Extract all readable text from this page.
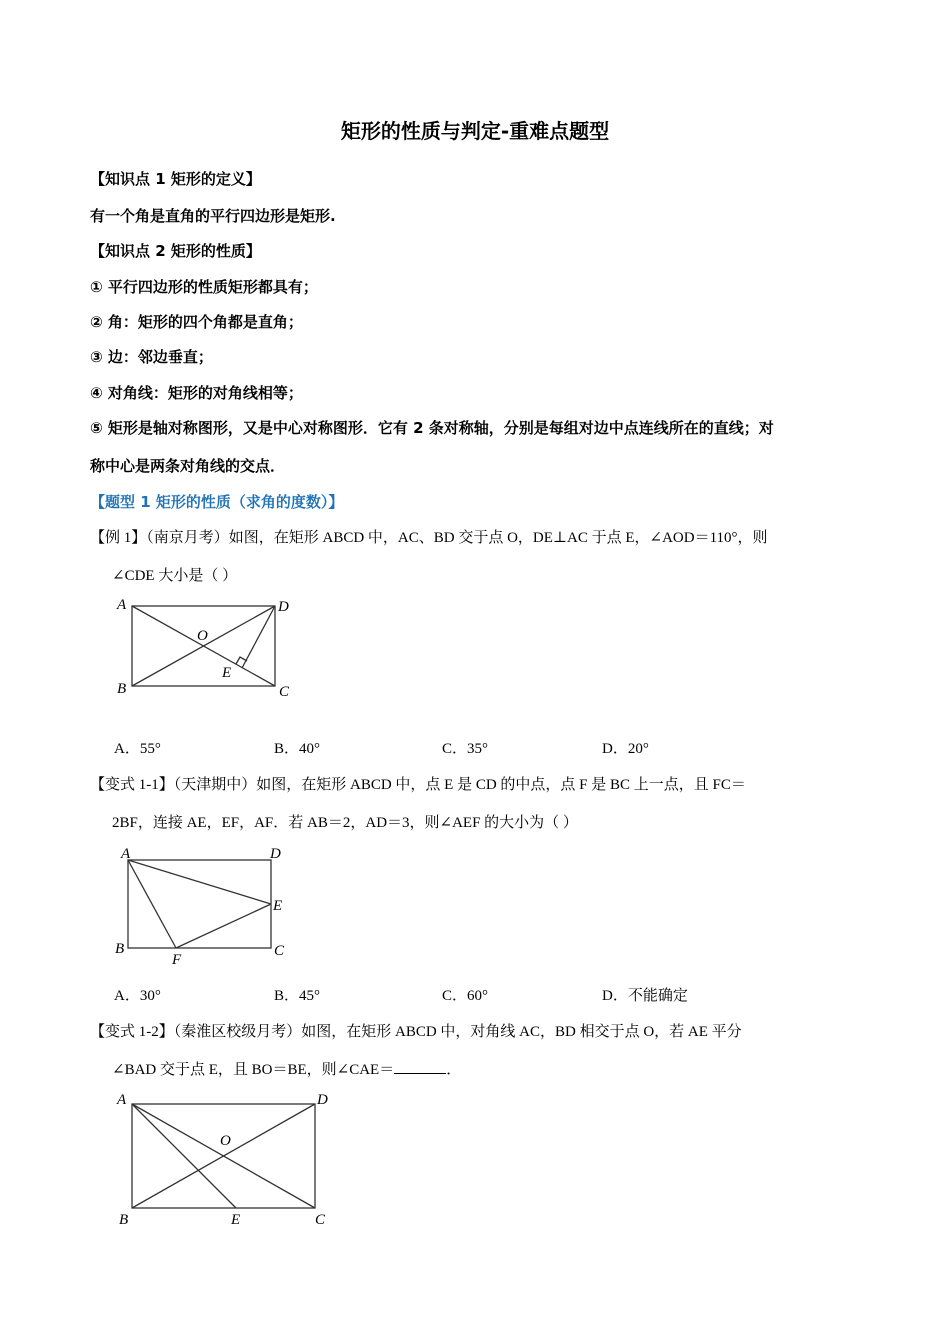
矩形的性质与判定-重难点题型
【知识点 1 矩形的定义】
有一个角是直角的平行四边形是矩形.
【知识点 2 矩形的性质】
① 平行四边形的性质矩形都具有；
② 角：矩形的四个角都是直角；
③ 边：邻边垂直；
④ 对角线：矩形的对角线相等；
⑤ 矩形是轴对称图形，又是中心对称图形．它有 2 条对称轴，分别是每组对边中点连线所在的直线；对
称中心是两条对角线的交点．
【题型 1 矩形的性质（求角的度数）】
【例 1】（南京月考）如图，在矩形 ABCD 中，AC、BD 交于点 O，DE⊥AC 于点 E，∠AOD＝110°，则
∠CDE 大小是（ ）
A	D
O
E
B	C
A．55°	B．40°	C．35°	D．20°
【变式 1-1】（天津期中）如图，在矩形 ABCD 中，点 E 是 CD 的中点，点 F 是 BC 上一点，且 FC＝
2BF，连接 AE，EF，AF．若 AB＝2，AD＝3，则∠AEF 的大小为（ ）
A	D
E
B
F
C
A．30°	B．45°	C．60°	D．不能确定
【变式 1-2】（秦淮区校级月考）如图，在矩形 ABCD 中，对角线 AC，BD 相交于点 O，若 AE 平分
∠BAD 交于点 E，且 BO＝BE，则∠CAE＝	．
A	D
O
B	E	C
